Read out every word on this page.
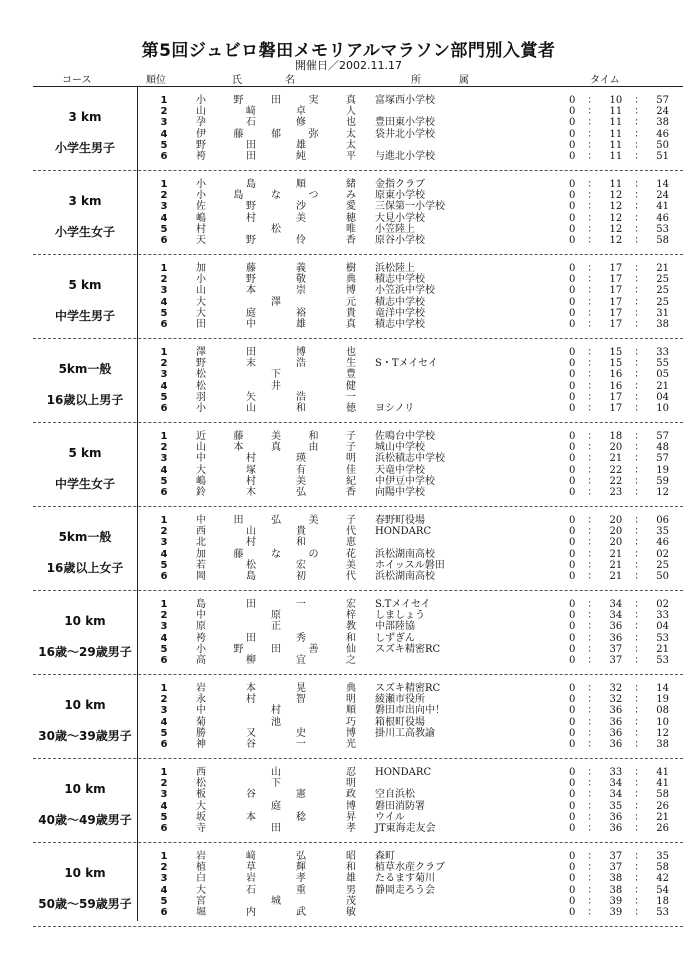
第5回ジュビロ磐田メモリアルマラソン部門別入賞者
開催日／2002.11.17
コース	順位	氏	名	所	属	タイム
3 km
小学生男子
1	小 野 田 実 真 富塚西小学校	0：10：57
2	山 﨑 卓 人	0：11：24
3	孕 石 修 也 豊田東小学校	0：11：38
4	伊 藤 郁 弥 太 袋井北小学校	0：11：46
5	野 田 雄 太	0：11：50
6	袴 田 純 平 与進北小学校	0：11：51
3 km
小学生女子
1	小 島 順 緒 金指クラブ	0：11：14
2	小 島 な つ み 原東小学校	0：12：24
3	佐 野 沙 愛 三保第一小学校	0：12：41
4	嶋 村 美 穂 大見小学校	0：12：46
5	村 松 唯 小笠陸上	0：12：53
6	天 野 伶 香 原谷小学校	0：12：58
5 km
中学生男子
1	加 藤 義 樹 浜松陸上	0：17：21
2	小 野 敬 典 積志中学校	0：17：25
3	山 本 崇 博 小笠浜中学校	0：17：25
4	大 澤 元 積志中学校	0：17：25
5	大 庭 裕 貴 竜洋中学校	0：17：31
6	田 中 雄 真 積志中学校	0：17：38
5km一般
16歳以上男子
1	澤 田 博 也	0：15：33
2	野 末 浩 生 S・Tメイセイ	0：15：55
3	松 下 豊	0：16：05
4	松 井 健	0：16：21
5	羽 矢 浩 一	0：17：04
6	小 山 和 徳 ヨシノリ	0：17：10
5 km
中学生女子
1	近 藤 美 和 子 佐鳴台中学校	0：18：57
2	山 本 真 由 子 城山中学校	0：20：48
3	中 村 瑛 明 浜松積志中学校	0：21：57
4	大 塚 有 佳 天竜中学校	0：22：19
5	嶋 村 美 紀 中伊豆中学校	0：22：59
6	鈴 木 弘 香 向陽中学校	0：23：12
5km一般
16歳以上女子
1	中 田 弘 美 子 春野町役場	0：20：06
2	西 山 貴 代 HONDARC	0：20：35
3	北 村 和 恵	0：20：46
4	加 藤 な の 花 浜松湖南高校	0：21：02
5	若 松 宏 美 ホイッスル磐田	0：21：25
6	岡 島 初 代 浜松湖南高校	0：21：50
10 km
16歳～29歳男子
1	島 田 一 宏 S.Tメイセイ	0：34：02
2	中 原 梓 しましょう	0：34：33
3	原 正 教 中部陸協	0：36：04
4	袴 田 秀 和 しずぎん	0：36：53
5	小 野 田 善 仙 スズキ精密RC	0：37：21
6	高 柳 宜 之	0：37：53
10 km
30歳～39歳男子
1	岩 本 晃 典 スズキ精密RC	0：32：14
2	永 村 智 明 綾瀬市役所	0：32：19
3	中 村 順 磐田市出向中！	0：36：08
4	菊 池 巧 箱根町役場	0：36：10
5	勝 又 史 博 掛川工高教諭	0：36：12
6	神 谷 一 光	0：36：38
10 km
40歳～49歳男子
1	西 山 忍 HONDARC	0：33：41
2	松 下 明	0：34：41
3	板 谷 憲 政 空自浜松	0：34：58
4	大 庭 博 磐田消防署	0：35：26
5	坂 本 稔 昇 ウイル	0：36：21
6	寺 田 孝 JT東海走友会	0：36：26
10 km
50歳～59歳男子
1	岩 﨑 弘 昭 森町	0：37：35
2	植 草 輝 和 植草水産クラブ	0：37：58
3	白 岩 孝 雄 たるます菊川	0：38：42
4	大 石 重 男 静岡走ろう会	0：38：54
5	宮 城 茂	0：39：18
6	堀 内 武 敏	0：39：53
